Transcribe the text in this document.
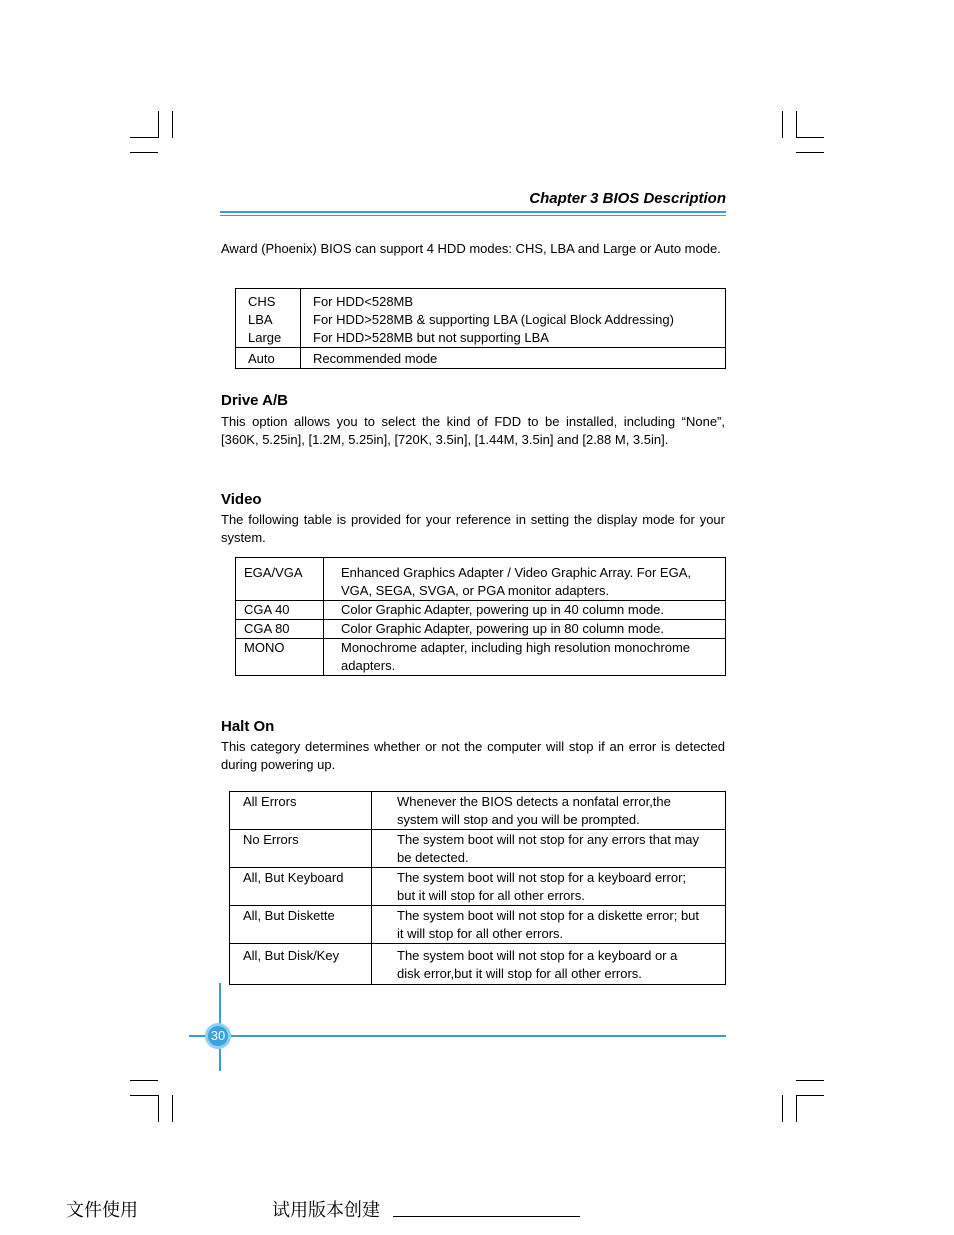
Chapter 3 BIOS Description
Award (Phoenix) BIOS can support 4 HDD modes: CHS, LBA and Large or Auto mode.
CHS	For HDD<528MB
LBA	For HDD>528MB & supporting LBA (Logical Block Addressing)
Large	For HDD>528MB but not supporting LBA
Auto	Recommended mode
Drive A/B
This option allows you to select the kind of FDD to be installed, including “None”, [360K, 5.25in], [1.2M, 5.25in], [720K, 3.5in], [1.44M, 3.5in] and [2.88 M, 3.5in].
Video
The following table is provided for your reference in setting the display mode for your system.
EGA/VGA	Enhanced Graphics Adapter / Video Graphic Array. For EGA,
VGA, SEGA, SVGA, or PGA monitor adapters.

CGA 40	Color Graphic Adapter, powering up in 40 column mode.
CGA 80	Color Graphic Adapter, powering up in 80 column mode.
MONO	Monochrome adapter, including high resolution monochrome
adapters.
Halt On
This category determines whether or not the computer will stop if an error is detected during powering up.
All Errors	Whenever the BIOS detects a nonfatal error,the
system will stop and you will be prompted.

No Errors	The system boot will not stop for any errors that may
be detected.

All, But Keyboard	The system boot will not stop for a keyboard error;
but it will stop for all other errors.

All, But Diskette	The system boot will not stop for a diskette error; but
it will stop for all other errors.

All, But Disk/Key	The system boot will not stop for a keyboard or a
disk error,but it will stop for all other errors.
30
文件使用	试用版本创建
